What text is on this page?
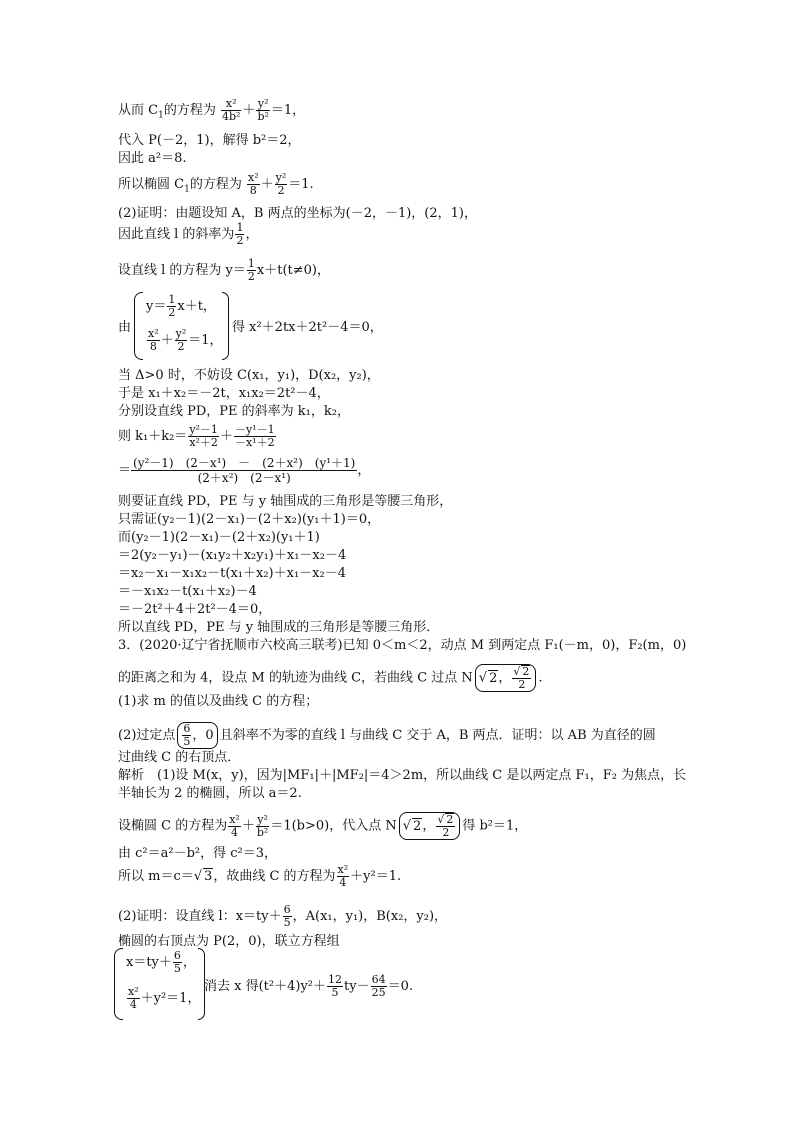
从而 $C_1$的方程为 $\frac{\text{x²}}{\text{4b²}} + \frac{\text{y²}}{\text{b²}} =1$，
代入 P(－2，1)，解得 b²＝2，
因此 a²＝8.
所以椭圆 $C_1$的方程为 $\frac{\text{x²}}{8} + \frac{\text{y²}}{2} =1$.
(2)证明：由题设知 A，B 两点的坐标为(－2，－1)，(2，1)，
因此直线 l 的斜率为 $\frac{1}{2}$ ，
设直线 l 的方程为 $y= \frac{1}{2} x+t(t\ne 0)$，
由
$y= \frac{1}{2} x+t$，
$\frac{\text{x²}}{8} + \frac{\text{y²}}{2} =1$，
得 x²＋2tx＋2t²－4＝0，
当 Δ>0 时，不妨设 C(x₁，y₁)，D(x₂，y₂)，
于是 x₁＋x₂＝－2t，x₁x₂＝2t²－4，
分别设直线 PD，PE 的斜率为 k₁，k₂，
则 $k_1+k_2= \frac{\text{y²－1}}{\text{x²＋2}} + \frac{\text{－y¹－1}}{\text{－x¹＋2}}$
＝ $\frac{\text{(y²－1)　(2－x¹)　－　(2＋x²)　(y¹＋1)}}{\text{(2＋x²)　(2－x¹)}}$ ，
则要证直线 PD，PE 与 y 轴围成的三角形是等腰三角形，
只需证(y₂－1)(2－x₁)－(2＋x₂)(y₁＋1)＝0，
而(y₂－1)(2－x₁)－(2＋x₂)(y₁＋1)
＝2(y₂－y₁)－(x₁y₂＋x₂y₁)＋x₁－x₂－4
＝x₂－x₁－x₁x₂－t(x₁＋x₂)＋x₁－x₂－4
＝－x₁x₂－t(x₁＋x₂)－4
＝－2t²＋4＋2t²－4＝0，
所以直线 PD，PE 与 y 轴围成的三角形是等腰三角形．
3．(2020·辽宁省抚顺市六校高三联考)已知 0＜m＜2，动点 M 到两定点 F₁(－m，0)，F₂(m，0)
的距离之和为 4，设点 M 的轨迹为曲线 C，若曲线 C 过点 N √ 2， $\frac{√ 2}{2}$ .
(1)求 m 的值以及曲线 C 的方程；
(2)过定点 $\frac{6}{5}$ ，0 且斜率不为零的直线 l 与曲线 C 交于 A，B 两点．证明：以 AB 为直径的圆
过曲线 C 的右顶点．
解析　(1)设 M(x，y)，因为|MF₁|＋|MF₂|＝4＞2m，所以曲线 C 是以两定点 F₁，F₂ 为焦点，长
半轴长为 2 的椭圆，所以 a＝2.
设椭圆 C 的方程为 $\frac{\text{x²}}{4} + \frac{\text{y²}}{\text{b²}} =1(b>0)$，代入点 N √ 2， $\frac{√ 2}{2}$ 得 b²＝1，
由 c²＝a²－b²，得 c²＝3，
所以 m＝c＝√ 3，故曲线 C 的方程为 $\frac{\text{x²}}{4} +y^2=1$.
(2)证明：设直线 l：$x=ty+ \frac{6}{5}$ ，A(x₁，y₁)，B(x₂，y₂)，
椭圆的右顶点为 P(2，0)，联立方程组
$x=ty+ \frac{6}{5}$ ，
$\frac{\text{x²}}{4} +y^2=1$，
消去 x 得$(t^2+4)y^2+ \frac{12}{5} ty- \frac{64}{25} =0$.
